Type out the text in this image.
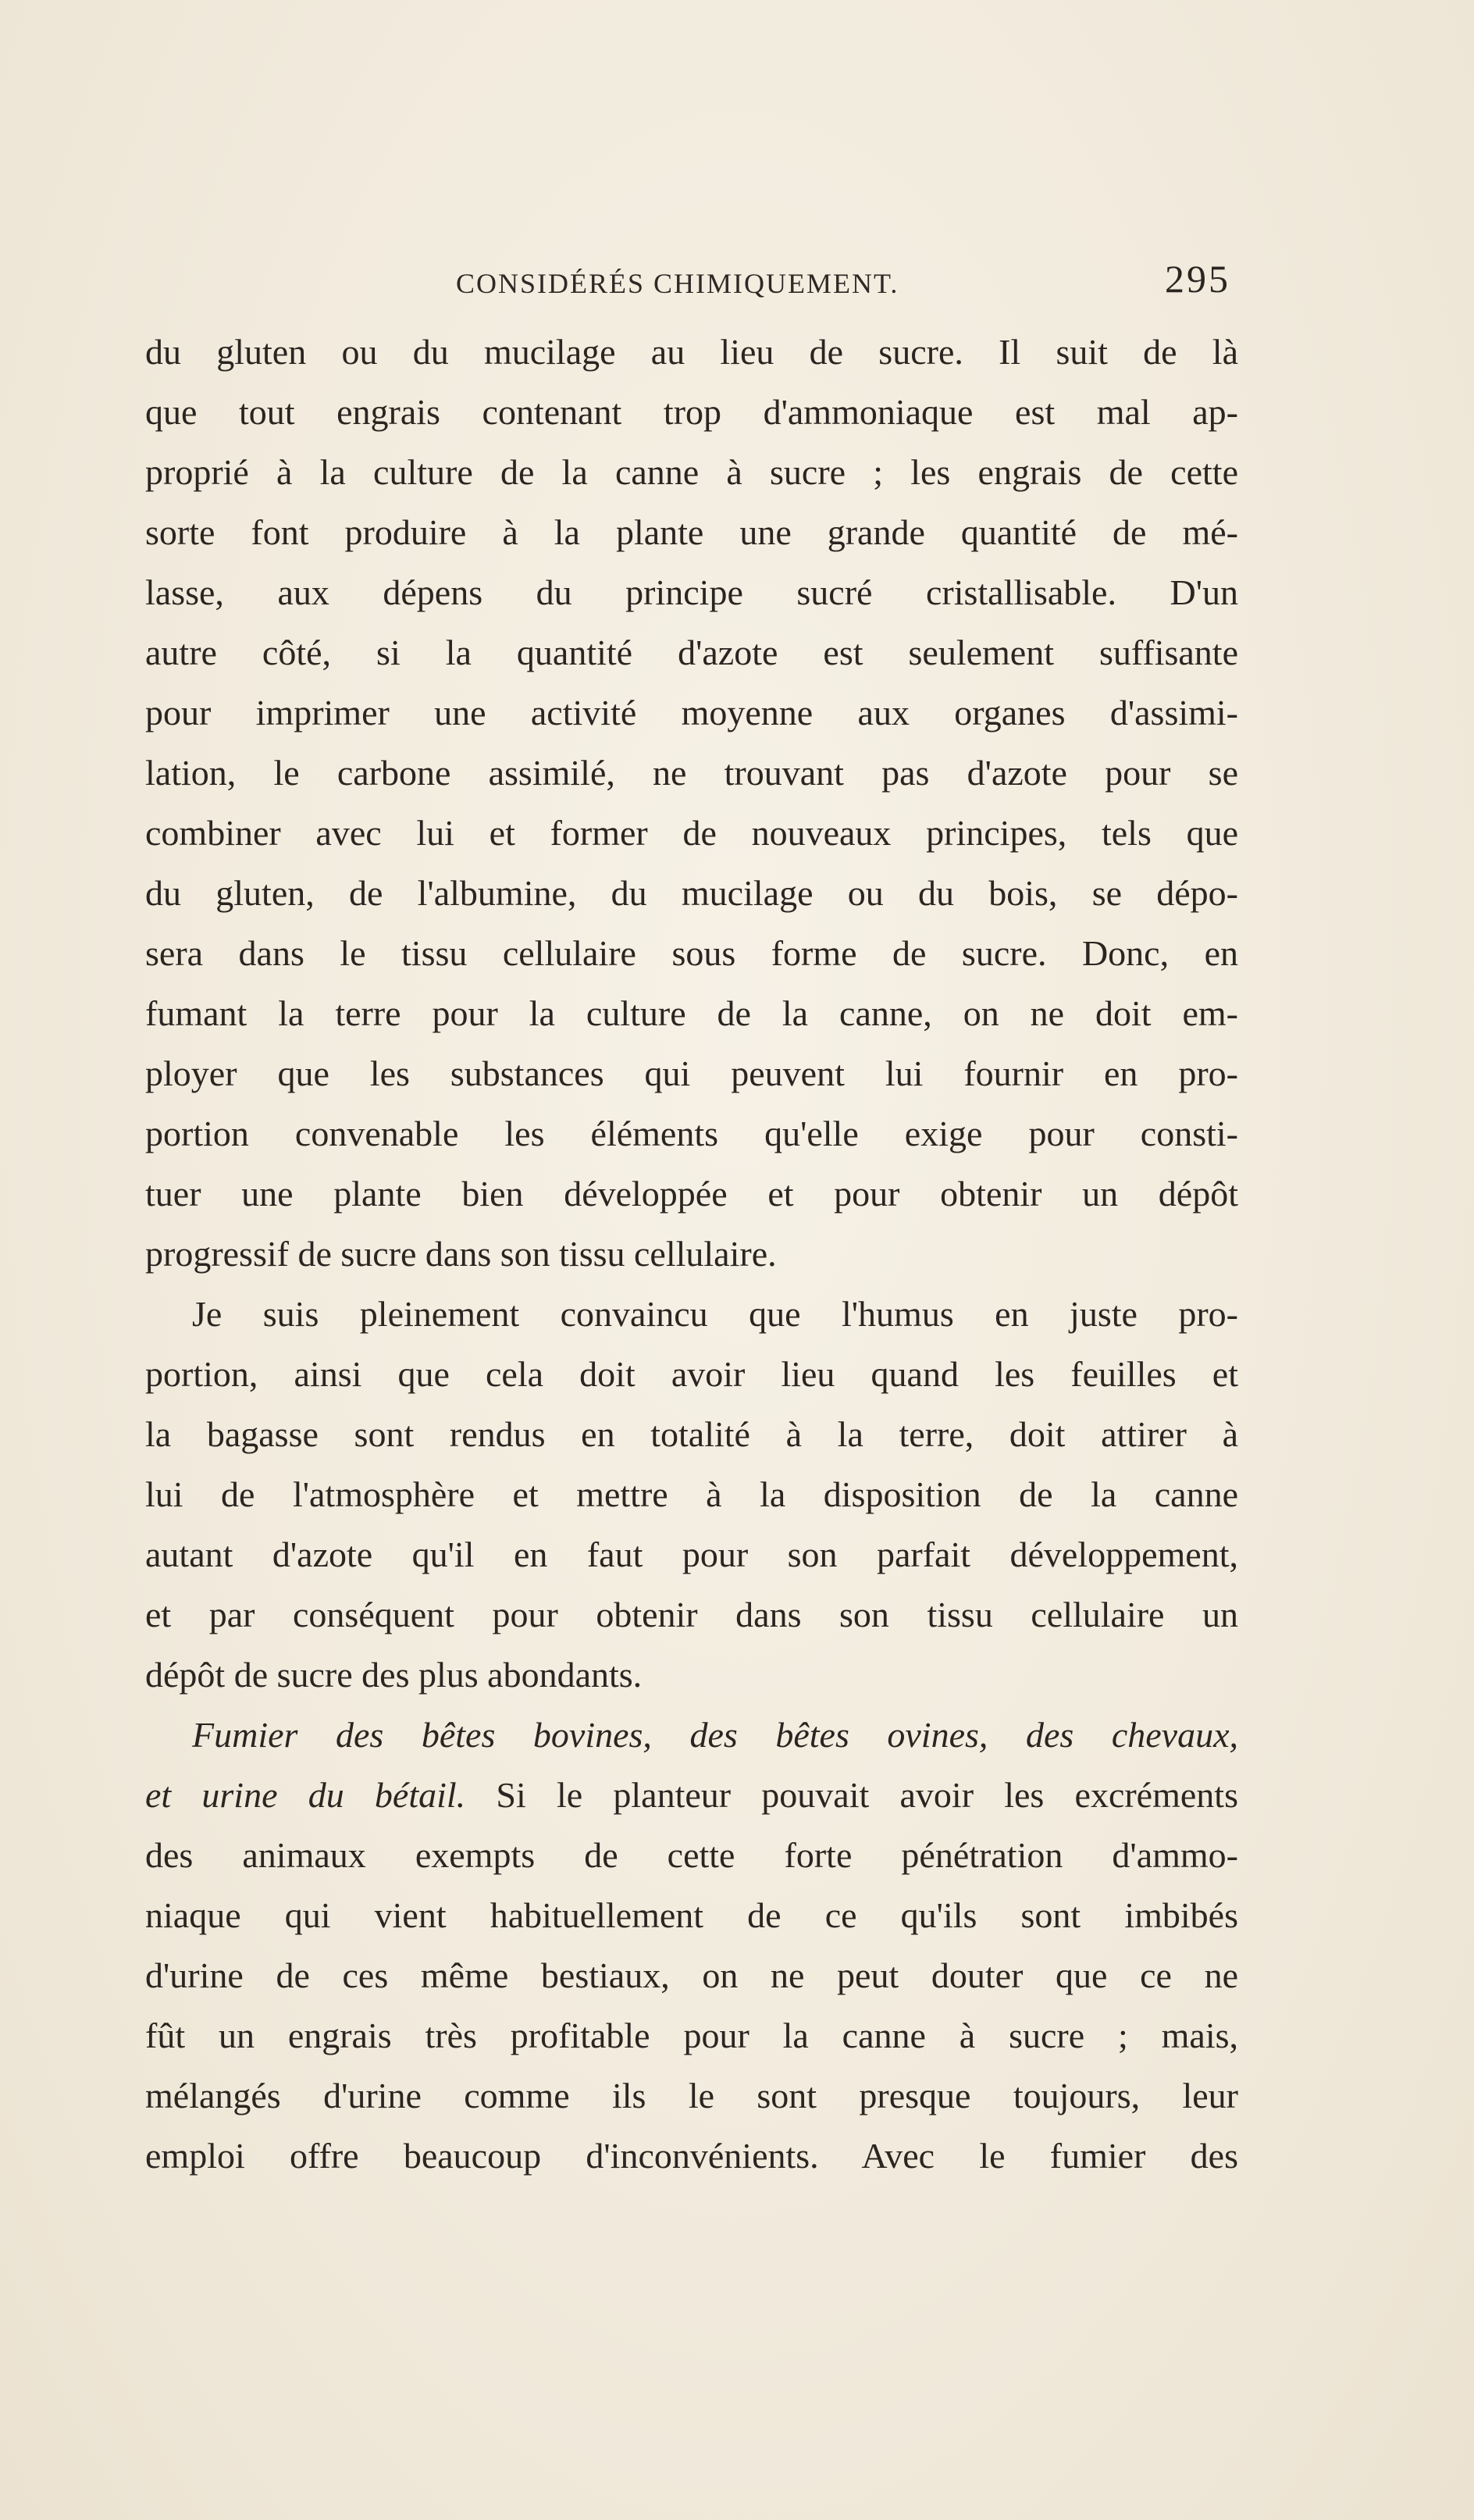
CONSIDÉRÉS CHIMIQUEMENT.	295
du gluten ou du mucilage au lieu de sucre. Il suit de là
que tout engrais contenant trop d'ammoniaque est mal ap-
proprié à la culture de la canne à sucre ; les engrais de cette
sorte font produire à la plante une grande quantité de mé-
lasse, aux dépens du principe sucré cristallisable. D'un
autre côté, si la quantité d'azote est seulement suffisante
pour imprimer une activité moyenne aux organes d'assimi-
lation, le carbone assimilé, ne trouvant pas d'azote pour se
combiner avec lui et former de nouveaux principes, tels que
du gluten, de l'albumine, du mucilage ou du bois, se dépo-
sera dans le tissu cellulaire sous forme de sucre. Donc, en
fumant la terre pour la culture de la canne, on ne doit em-
ployer que les substances qui peuvent lui fournir en pro-
portion convenable les éléments qu'elle exige pour consti-
tuer une plante bien développée et pour obtenir un dépôt
progressif de sucre dans son tissu cellulaire.
Je suis pleinement convaincu que l'humus en juste pro-
portion, ainsi que cela doit avoir lieu quand les feuilles et
la bagasse sont rendus en totalité à la terre, doit attirer à
lui de l'atmosphère et mettre à la disposition de la canne
autant d'azote qu'il en faut pour son parfait développement,
et par conséquent pour obtenir dans son tissu cellulaire un
dépôt de sucre des plus abondants.
Fumier des bêtes bovines, des bêtes ovines, des chevaux,
et urine du bétail. Si le planteur pouvait avoir les excréments
des animaux exempts de cette forte pénétration d'ammo-
niaque qui vient habituellement de ce qu'ils sont imbibés
d'urine de ces même bestiaux, on ne peut douter que ce ne
fût un engrais très profitable pour la canne à sucre ; mais,
mélangés d'urine comme ils le sont presque toujours, leur
emploi offre beaucoup d'inconvénients. Avec le fumier des
